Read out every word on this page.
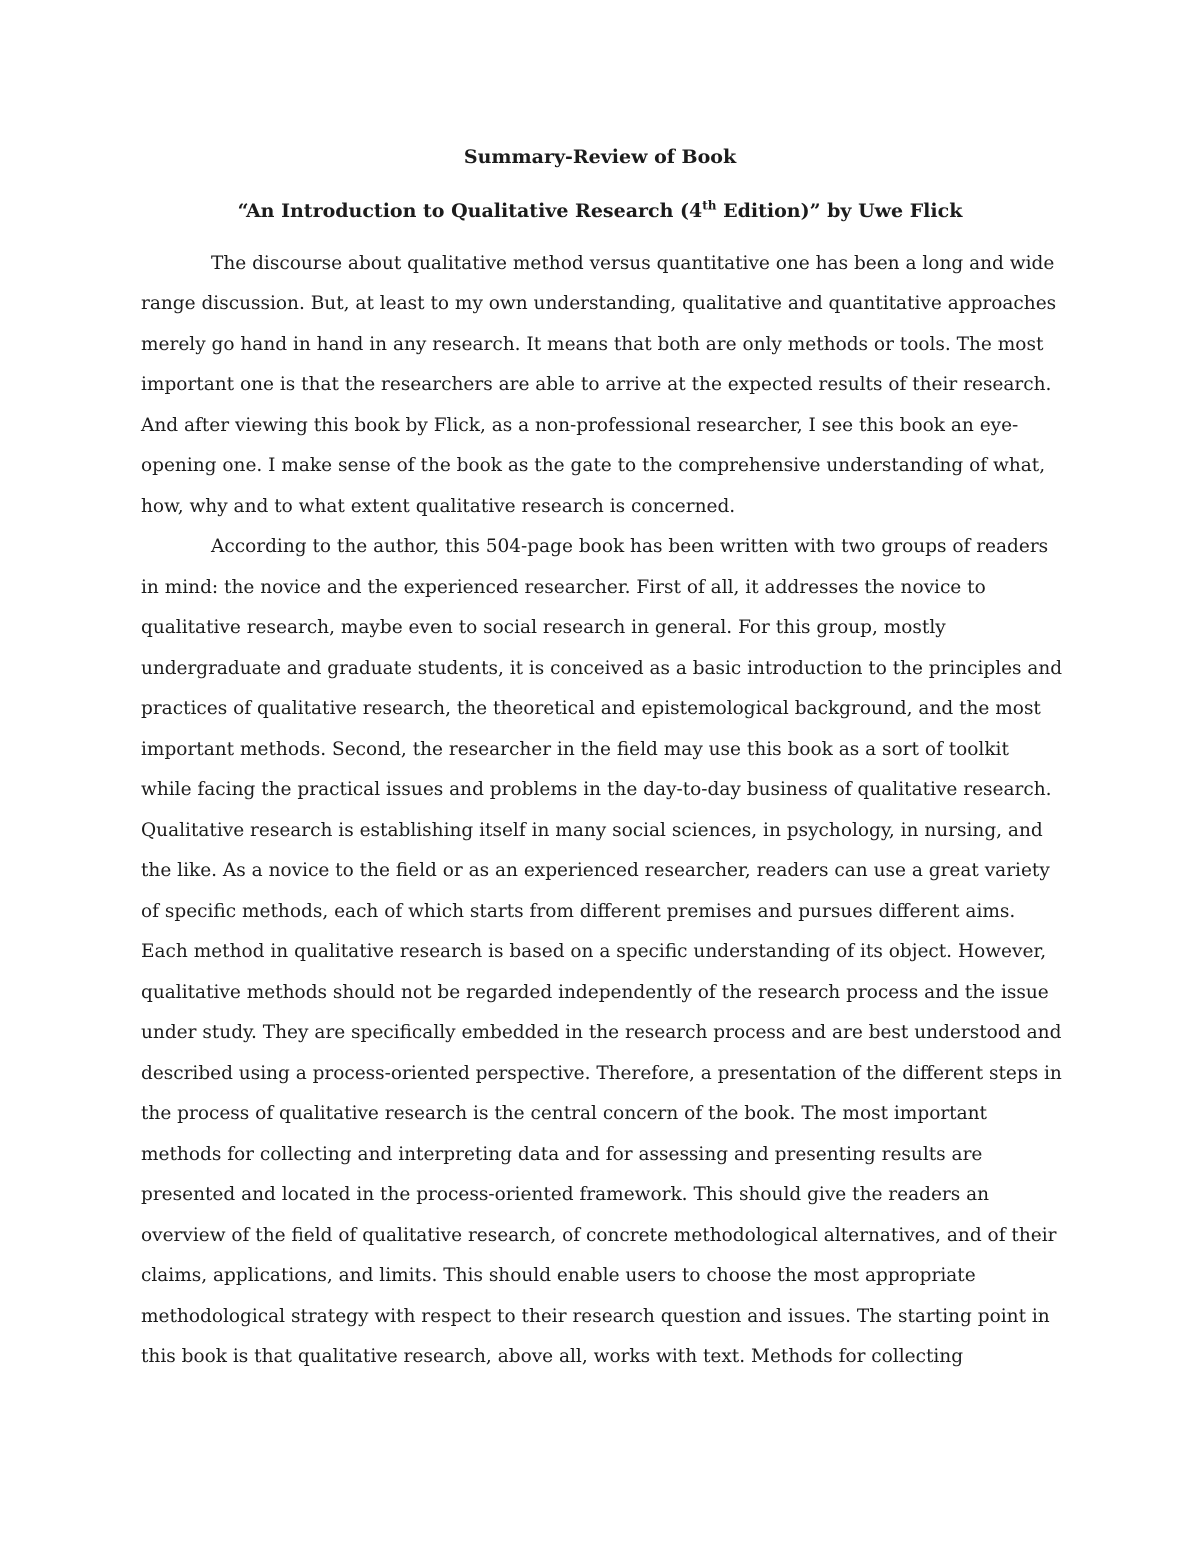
Summary-Review of Book
“An Introduction to Qualitative Research (4th Edition)” by Uwe Flick

The discourse about qualitative method versus quantitative one has been a long and wide

range discussion. But, at least to my own understanding, qualitative and quantitative approaches

merely go hand in hand in any research. It means that both are only methods or tools. The most

important one is that the researchers are able to arrive at the expected results of their research.

And after viewing this book by Flick, as a non-professional researcher, I see this book an eye-

opening one. I make sense of the book as the gate to the comprehensive understanding of what,

how, why and to what extent qualitative research is concerned.

According to the author, this 504-page book has been written with two groups of readers

in mind: the novice and the experienced researcher. First of all, it addresses the novice to

qualitative research, maybe even to social research in general. For this group, mostly

undergraduate and graduate students, it is conceived as a basic introduction to the principles and

practices of qualitative research, the theoretical and epistemological background, and the most

important methods. Second, the researcher in the field may use this book as a sort of toolkit

while facing the practical issues and problems in the day-to-day business of qualitative research.

Qualitative research is establishing itself in many social sciences, in psychology, in nursing, and

the like. As a novice to the field or as an experienced researcher, readers can use a great variety

of specific methods, each of which starts from different premises and pursues different aims.

Each method in qualitative research is based on a specific understanding of its object. However,

qualitative methods should not be regarded independently of the research process and the issue

under study. They are specifically embedded in the research process and are best understood and

described using a process-oriented perspective. Therefore, a presentation of the different steps in

the process of qualitative research is the central concern of the book. The most important

methods for collecting and interpreting data and for assessing and presenting results are

presented and located in the process-oriented framework. This should give the readers an

overview of the field of qualitative research, of concrete methodological alternatives, and of their

claims, applications, and limits. This should enable users to choose the most appropriate

methodological strategy with respect to their research question and issues. The starting point in

this book is that qualitative research, above all, works with text. Methods for collecting
